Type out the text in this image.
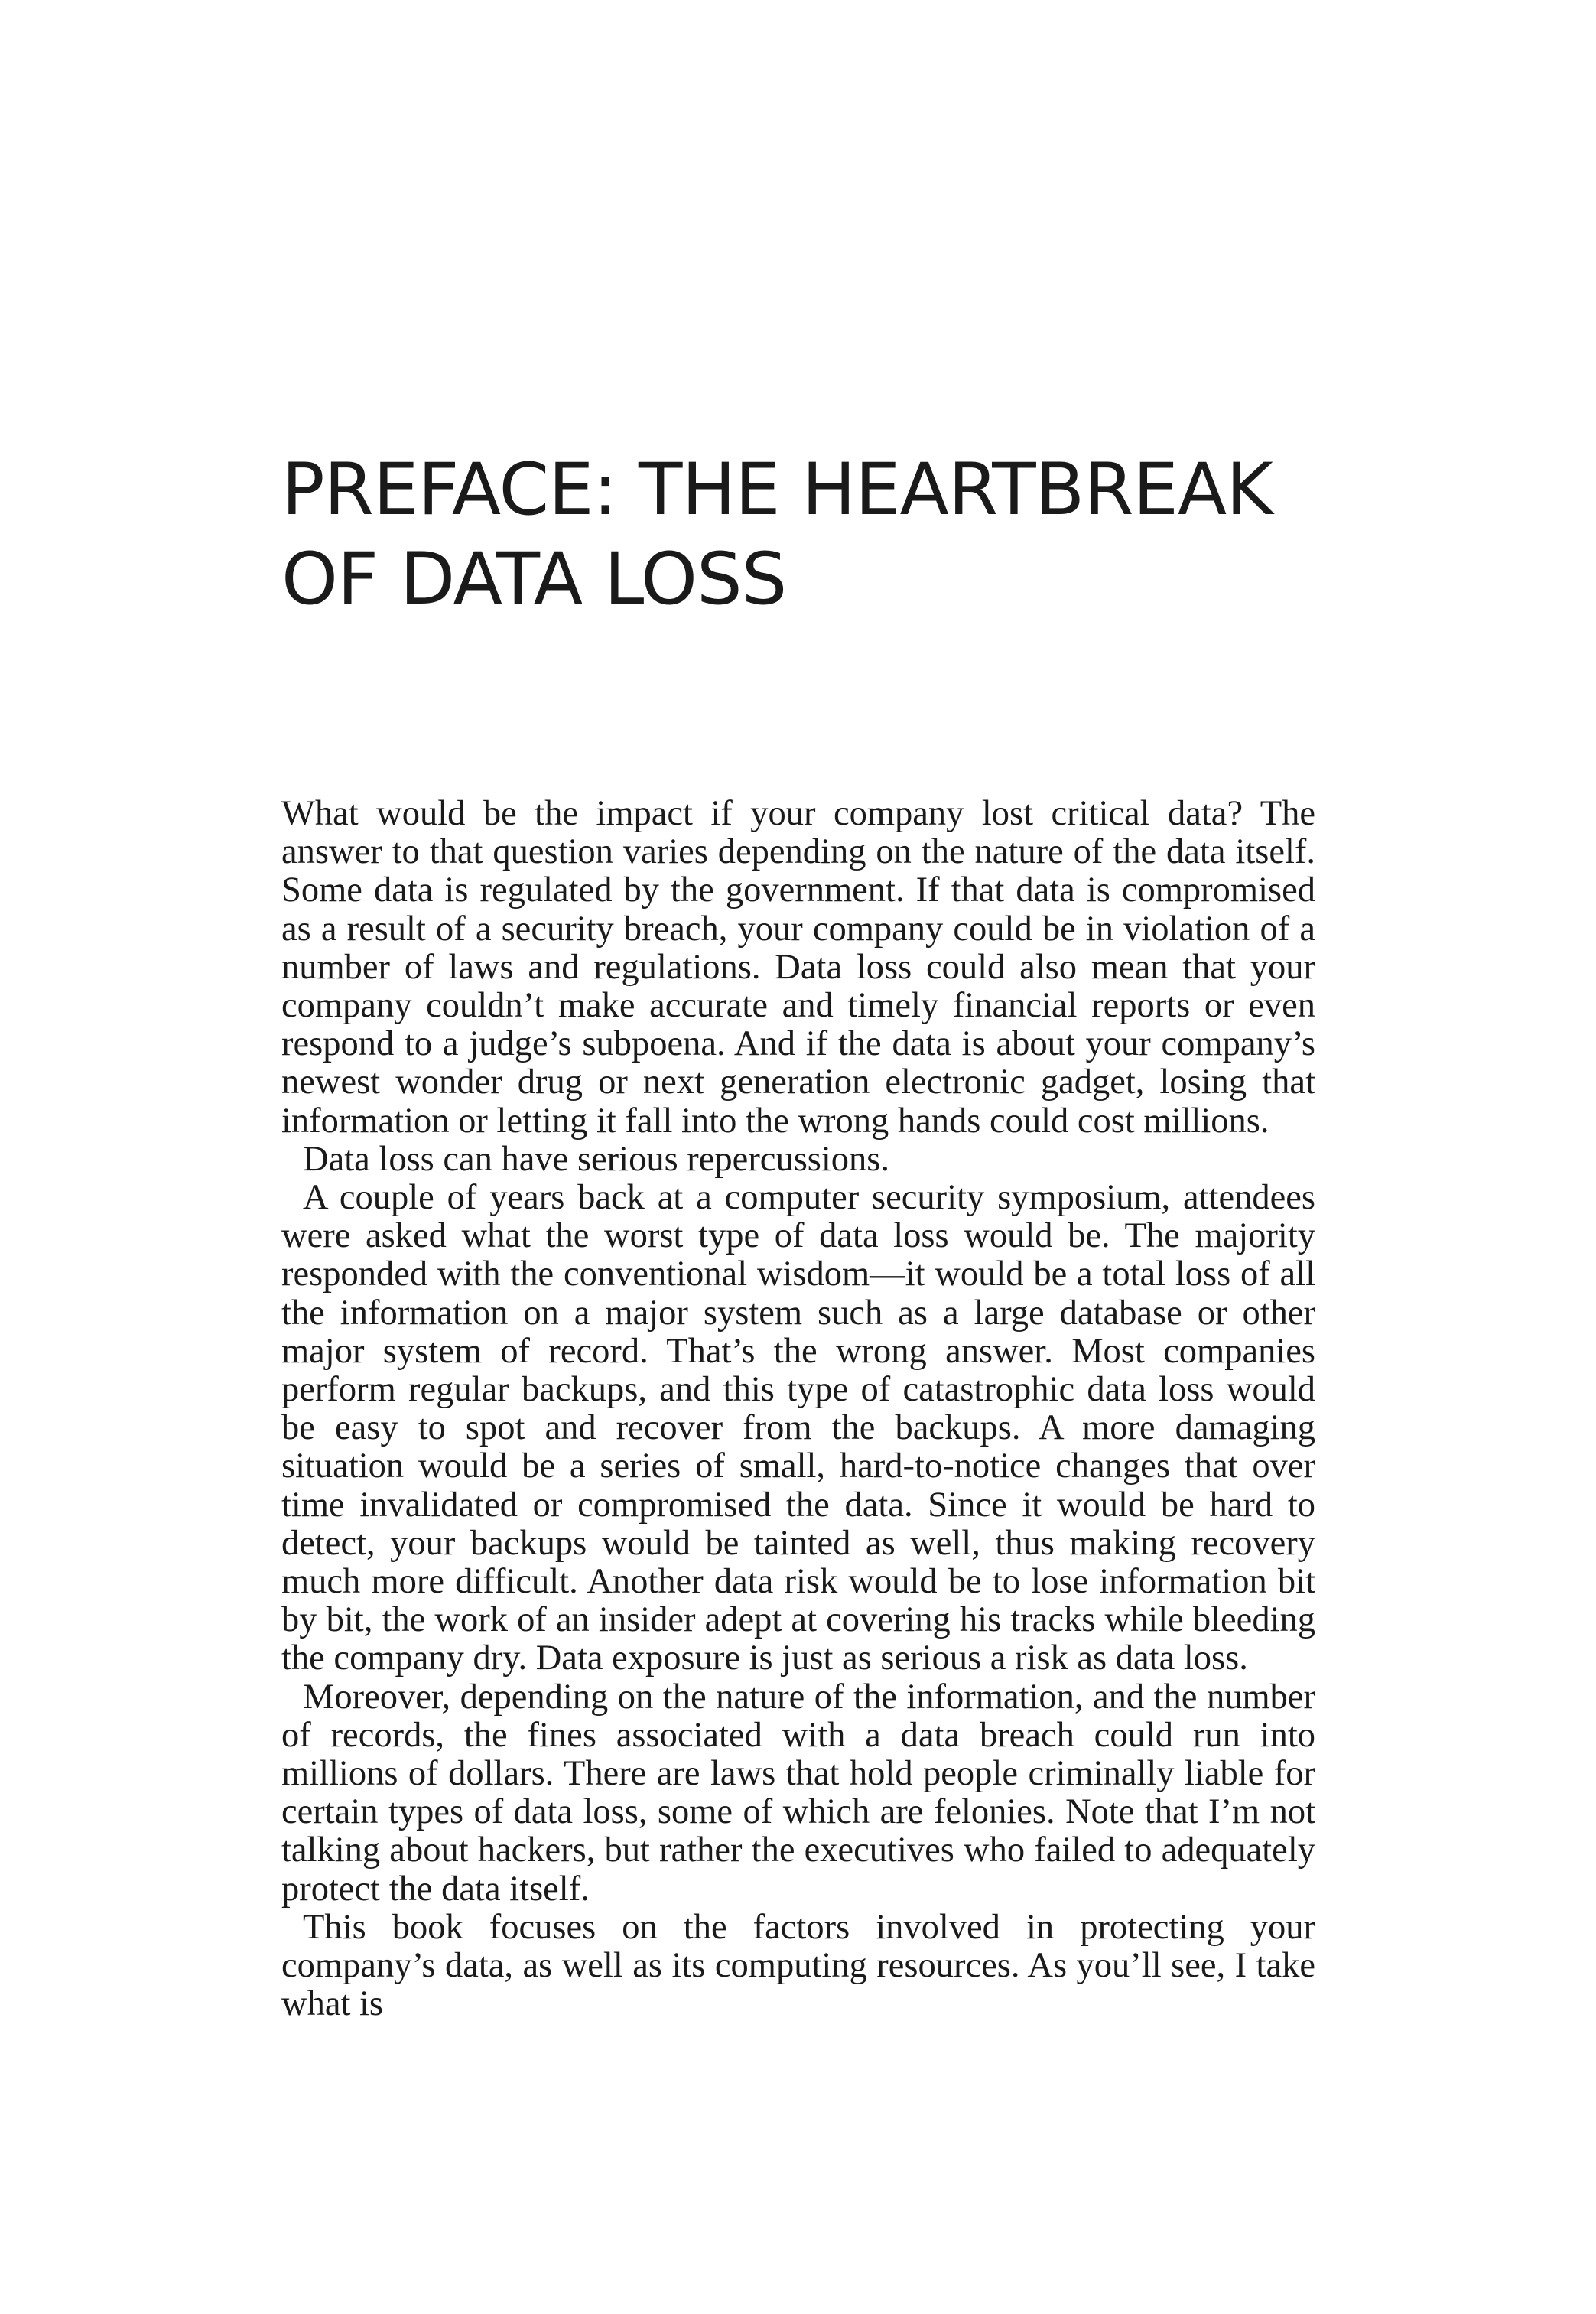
PREFACE: THE HEARTBREAK
OF DATA LOSS

What would be the impact if your company lost critical data? The answer to that question varies depending on the nature of the data itself. Some data is regulated by the government. If that data is compromised as a result of a security breach, your company could be in violation of a number of laws and regulations. Data loss could also mean that your company couldn’t make accurate and timely financial reports or even respond to a judge’s subpoena. And if the data is about your company’s newest wonder drug or next generation electronic gadget, losing that information or letting it fall into the wrong hands could cost millions.

Data loss can have serious repercussions.

A couple of years back at a computer security symposium, attendees were asked what the worst type of data loss would be. The majority responded with the conventional wisdom—it would be a total loss of all the information on a major system such as a large database or other major system of record. That’s the wrong answer. Most companies perform regular backups, and this type of catastrophic data loss would be easy to spot and recover from the backups. A more damaging situation would be a series of small, hard-to-notice changes that over time invalidated or compromised the data. Since it would be hard to detect, your backups would be tainted as well, thus making recovery much more difficult. Another data risk would be to lose information bit by bit, the work of an insider adept at covering his tracks while bleeding the company dry. Data exposure is just as serious a risk as data loss.

Moreover, depending on the nature of the information, and the number of records, the fines associated with a data breach could run into millions of dollars. There are laws that hold people criminally liable for certain types of data loss, some of which are felonies. Note that I’m not talking about hackers, but rather the executives who failed to adequately protect the data itself.

This book focuses on the factors involved in protecting your company’s data, as well as its computing resources. As you’ll see, I take what is
